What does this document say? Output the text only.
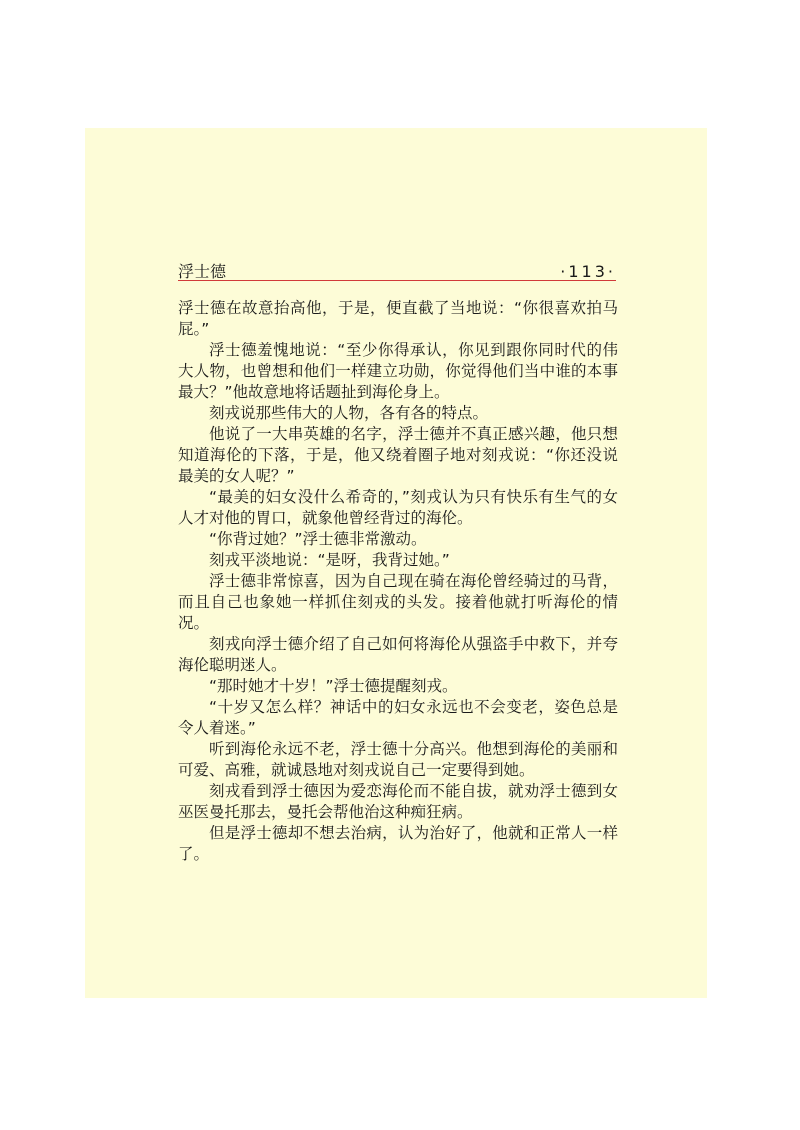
浮士德	·113·

浮士德在故意抬高他，于是，便直截了当地说：“你很喜欢拍马屁。”

浮士德羞愧地说：“至少你得承认，你见到跟你同时代的伟大人物，也曾想和他们一样建立功勋，你觉得他们当中谁的本事最大？”他故意地将话题扯到海伦身上。

刻戎说那些伟大的人物，各有各的特点。

他说了一大串英雄的名字，浮士德并不真正感兴趣，他只想知道海伦的下落，于是，他又绕着圈子地对刻戎说：“你还没说最美的女人呢？”

“最美的妇女没什么希奇的，”刻戎认为只有快乐有生气的女人才对他的胃口，就象他曾经背过的海伦。

“你背过她？”浮士德非常激动。

刻戎平淡地说：“是呀，我背过她。”

浮士德非常惊喜，因为自己现在骑在海伦曾经骑过的马背，而且自己也象她一样抓住刻戎的头发。接着他就打听海伦的情况。

刻戎向浮士德介绍了自己如何将海伦从强盗手中救下，并夸海伦聪明迷人。

“那时她才十岁！”浮士德提醒刻戎。

“十岁又怎么样？神话中的妇女永远也不会变老，姿色总是令人着迷。”

听到海伦永远不老，浮士德十分高兴。他想到海伦的美丽和可爱、高雅，就诚恳地对刻戎说自己一定要得到她。

刻戎看到浮士德因为爱恋海伦而不能自拔，就劝浮士德到女巫医曼托那去，曼托会帮他治这种痴狂病。

但是浮士德却不想去治病，认为治好了，他就和正常人一样了。
